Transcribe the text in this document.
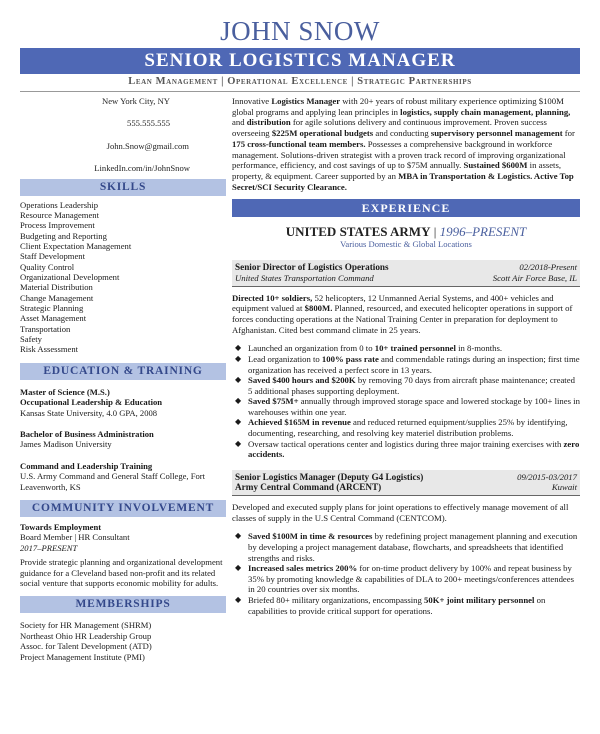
JOHN SNOW
SENIOR LOGISTICS MANAGER
Lean Management | Operational Excellence | Strategic Partnerships
New York City, NY
555.555.555
John.Snow@gmail.com
LinkedIn.com/in/JohnSnow
SKILLS
Operations Leadership
Resource Management
Process Improvement
Budgeting and Reporting
Client Expectation Management
Staff Development
Quality Control
Organizational Development
Material Distribution
Change Management
Strategic Planning
Asset Management
Transportation
Safety
Risk Assessment
EDUCATION & TRAINING
Master of Science (M.S.)
Occupational Leadership & Education
Kansas State University, 4.0 GPA, 2008
Bachelor of Business Administration
James Madison University
Command and Leadership Training
U.S. Army Command and General Staff College, Fort Leavenworth, KS
COMMUNITY INVOLVEMENT
Towards Employment
Board Member | HR Consultant
2017–PRESENT
Provide strategic planning and organizational development guidance for a Cleveland based non-profit and its related social venture that supports economic mobility for adults.
MEMBERSHIPS
Society for HR Management (SHRM)
Northeast Ohio HR Leadership Group
Assoc. for Talent Development (ATD)
Project Management Institute (PMI)
Innovative Logistics Manager with 20+ years of robust military experience optimizing $100M global programs and applying lean principles in logistics, supply chain management, planning, and distribution for agile solutions delivery and continuous improvement. Proven success overseeing $225M operational budgets and conducting supervisory personnel management for 175 cross-functional team members. Possesses a comprehensive background in workforce management. Solutions-driven strategist with a proven track record of improving organizational performance, efficiency, and cost savings of up to $75M annually. Sustained $600M in assets, property, & equipment. Career supported by an MBA in Transportation & Logistics. Active Top Secret/SCI Security Clearance.
EXPERIENCE
UNITED STATES ARMY | 1996–PRESENT
Various Domestic & Global Locations
Senior Director of Logistics Operations	02/2018-Present
United States Transportation Command	Scott Air Force Base, IL
Directed 10+ soldiers, 52 helicopters, 12 Unmanned Aerial Systems, and 400+ vehicles and equipment valued at $800M. Planned, resourced, and executed helicopter operations in support of forces conducting operations at the National Training Center in preparation for deployment to Afghanistan. Cited best command climate in 25 years.
◆ Launched an organization from 0 to 10+ trained personnel in 8-months.
◆ Lead organization to 100% pass rate and commendable ratings during an inspection; first time organization has received a perfect score in 13 years.
◆ Saved $400 hours and $200K by removing 70 days from aircraft phase maintenance; created 5 additional phases supporting deployment.
◆ Saved $75M+ annually through improved storage space and lowered stockage by 100+ lines in warehouses within one year.
◆ Achieved $165M in revenue and reduced returned equipment/supplies 25% by identifying, documenting, researching, and resolving key materiel distribution problems.
◆ Oversaw tactical operations center and logistics during three major training exercises with zero accidents.
Senior Logistics Manager (Deputy G4 Logistics)	09/2015-03/2017
Army Central Command (ARCENT)	Kuwait
Developed and executed supply plans for joint operations to effectively manage movement of all classes of supply in the U.S Central Command (CENTCOM).
◆ Saved $100M in time & resources by redefining project management planning and execution by developing a project management database, flowcharts, and spreadsheets that identified strengths and risks.
◆ Increased sales metrics 200% for on-time product delivery by 100% and repeat business by 35% by promoting knowledge & capabilities of DLA to 200+ meetings/conferences attendees in 20 countries over six months.
◆ Briefed 80+ military organizations, encompassing 50K+ joint military personnel on capabilities to provide critical support for operations.
